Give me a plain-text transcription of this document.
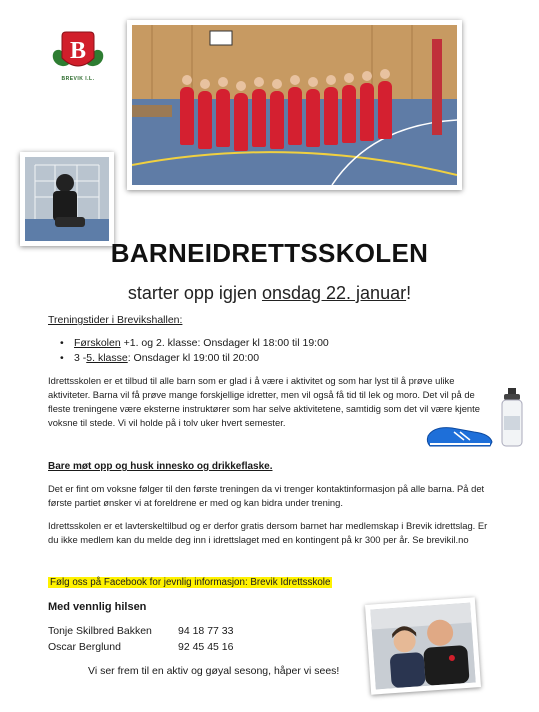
B
BREVIK I.L.
BARNEIDRETTSSKOLEN
starter opp igjen onsdag 22. januar!
Treningstider i Brevikshallen:
• Førskolen +1. og 2. klasse: Onsdager kl 18:00 til 19:00
• 3 -5. klasse: Onsdager kl 19:00 til 20:00
Idrettsskolen er et tilbud til alle barn som er glad i å være i aktivitet og som har lyst til å prøve ulike aktiviteter. Barna vil få prøve mange forskjellige idretter, men vil også få tid til lek og moro. Det vil på de fleste treningene være eksterne instruktører som har selve aktivitetene, samtidig som det vil være kjente voksne til stede. Vi vil holde på i tolv uker hvert semester.
Bare møt opp og husk innesko og drikkeflaske.
Det er fint om voksne følger til den første treningen da vi trenger kontaktinformasjon på alle barna. På det første partiet ønsker vi at foreldrene er med og kan bidra under trening.
Idrettsskolen er et lavterskeltilbud og er derfor gratis dersom barnet har medlemskap i Brevik idrettslag. Er du ikke medlem kan du melde deg inn i idrettslaget med en kontingent på kr 300 per år. Se brevikil.no
Følg oss på Facebook for jevnlig informasjon: Brevik Idrettsskole
Med vennlig hilsen
Tonje Skilbred Bakken 94 18 77 33
Oscar Berglund	92 45 45 16
Vi ser frem til en aktiv og gøyal sesong, håper vi sees!
